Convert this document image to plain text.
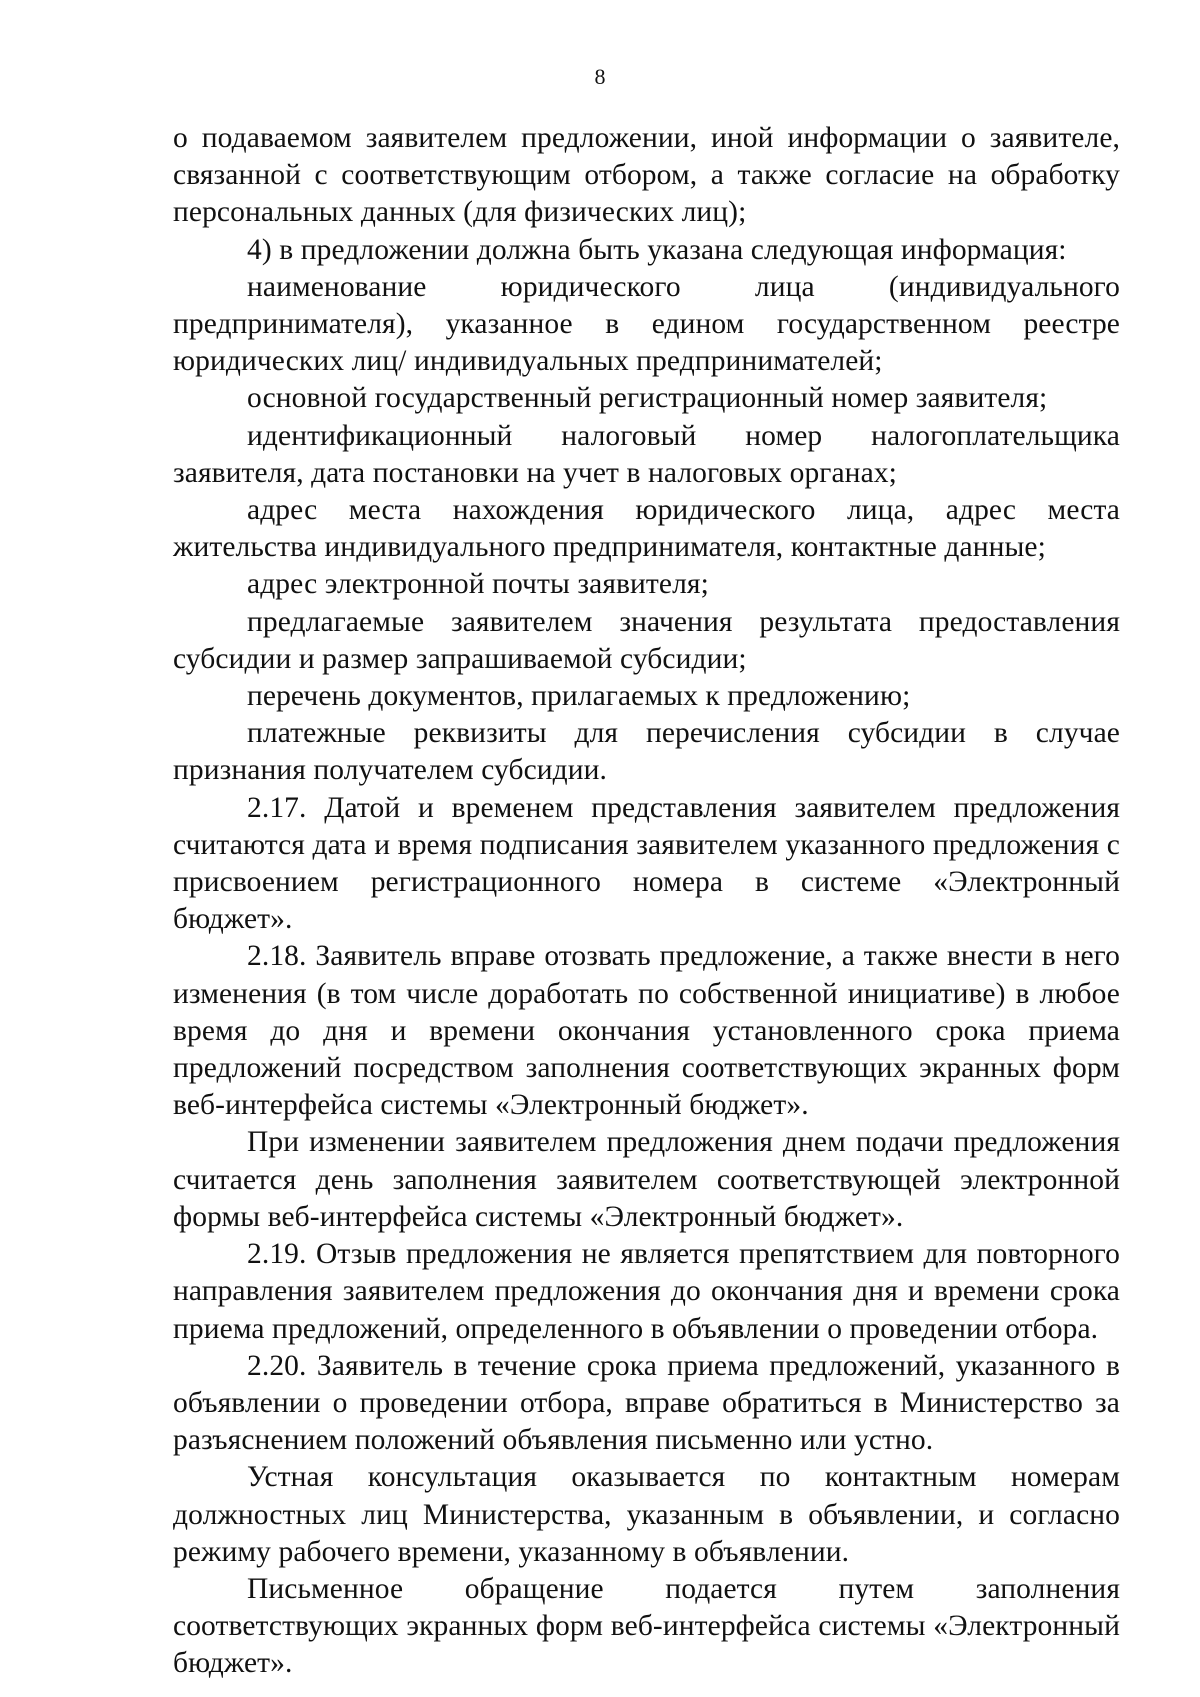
8

о подаваемом заявителем предложении, иной информации о заявителе, связанной с соответствующим отбором, а также согласие на обработку персональных данных (для физических лиц);

4) в предложении должна быть указана следующая информация:

наименование юридического лица (индивидуального предпринимателя), указанное в едином государственном реестре юридических лиц/ индивидуальных предпринимателей;

основной государственный регистрационный номер заявителя;

идентификационный налоговый номер налогоплательщика заявителя, дата постановки на учет в налоговых органах;

адрес места нахождения юридического лица, адрес места жительства индивидуального предпринимателя, контактные данные;

адрес электронной почты заявителя;

предлагаемые заявителем значения результата предоставления субсидии и размер запрашиваемой субсидии;

перечень документов, прилагаемых к предложению;

платежные реквизиты для перечисления субсидии в случае признания получателем субсидии.

2.17. Датой и временем представления заявителем предложения считаются дата и время подписания заявителем указанного предложения с присвоением регистрационного номера в системе «Электронный бюджет».

2.18. Заявитель вправе отозвать предложение, а также внести в него изменения (в том числе доработать по собственной инициативе) в любое время до дня и времени окончания установленного срока приема предложений посредством заполнения соответствующих экранных форм веб-интерфейса системы «Электронный бюджет».

При изменении заявителем предложения днем подачи предложения считается день заполнения заявителем соответствующей электронной формы веб-интерфейса системы «Электронный бюджет».

2.19. Отзыв предложения не является препятствием для повторного направления заявителем предложения до окончания дня и времени срока приема предложений, определенного в объявлении о проведении отбора.

2.20. Заявитель в течение срока приема предложений, указанного в объявлении о проведении отбора, вправе обратиться в Министерство за разъяснением положений объявления письменно или устно.

Устная консультация оказывается по контактным номерам должностных лиц Министерства, указанным в объявлении, и согласно режиму рабочего времени, указанному в объявлении.

Письменное обращение подается путем заполнения соответствующих экранных форм веб-интерфейса системы «Электронный бюджет».
